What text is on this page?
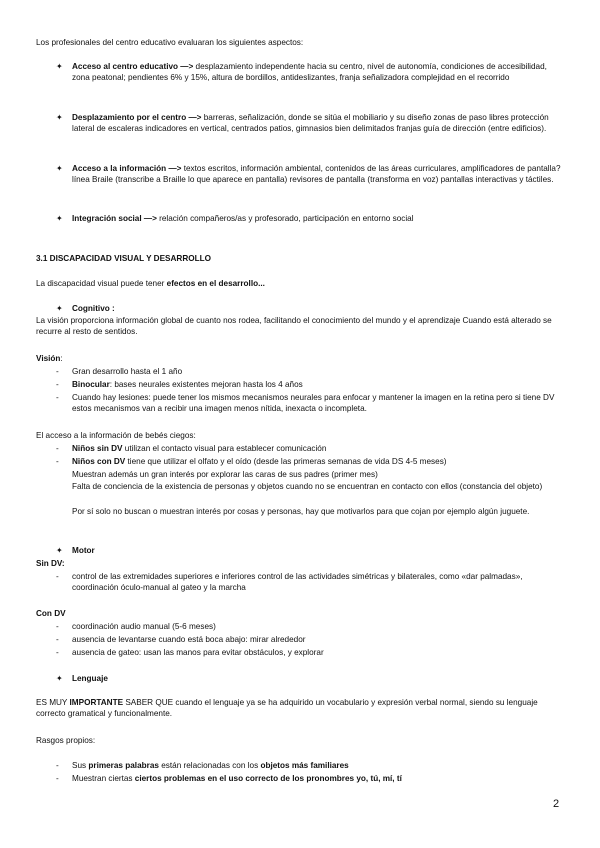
Los profesionales del centro educativo evaluaran los siguientes aspectos:
✦	Acceso al centro educativo —> desplazamiento independente hacia su centro, nivel de autonomía, condiciones de accesibilidad, zona peatonal; pendientes 6% y 15%, altura de bordillos, antideslizantes, franja señalizadora complejidad en el recorrido
✦	Desplazamiento por el centro —> barreras, señalización, donde se sitúa el mobiliario y su diseño zonas de paso libres protección lateral de escaleras indicadores en vertical, centrados patios, gimnasios bien delimitados franjas guía de dirección (entre edificios).
✦	Acceso a la información —> textos escritos, información ambiental, contenidos de las áreas curriculares, amplificadores de pantalla? línea Braile (transcribe a Braille lo que aparece en pantalla) revisores de pantalla (transforma en voz) pantallas interactivas y táctiles.
✦	Integración social —> relación compañeros/as y profesorado, participación en entorno social
3.1 DISCAPACIDAD VISUAL Y DESARROLLO
La discapacidad visual puede tener efectos en el desarrollo...
✦	Cognitivo :
La visión proporciona información global de cuanto nos rodea, facilitando el conocimiento del mundo y el aprendizaje Cuando está alterado se recurre al resto de sentidos.
Visión:
-	Gran desarrollo hasta el 1 año
-	Binocular: bases neurales existentes mejoran hasta los 4 años
-	Cuando hay lesiones: puede tener los mismos mecanismos neurales para enfocar y mantener la imagen en la retina pero si tiene DV estos mecanismos van a recibir una imagen menos nítida, inexacta o incompleta.
El acceso a la información de bebés ciegos:
-	Niños sin DV utilizan el contacto visual para establecer comunicación
-	Niños con DV tiene que utilizar el olfato y el oído (desde las primeras semanas de vida DS 4-5 meses)
Muestran además un gran interés por explorar las caras de sus padres (primer mes)
Falta de conciencia de la existencia de personas y objetos cuando no se encuentran en contacto con ellos (constancia del objeto)
Por sí solo no buscan o muestran interés por cosas y personas, hay que motivarlos para que cojan por ejemplo algún juguete.
✦	Motor
Sin DV:
-	control de las extremidades superiores e inferiores control de las actividades simétricas y bilaterales, como «dar palmadas», coordinación óculo-manual al gateo y la marcha
Con DV
-	coordinación audio manual (5-6 meses)
-	ausencia de levantarse cuando está boca abajo: mirar alrededor
-	ausencia de gateo: usan las manos para evitar obstáculos, y explorar
✦	Lenguaje
ES MUY IMPORTANTE SABER QUE cuando el lenguaje ya se ha adquirido un vocabulario y expresión verbal normal, siendo su lenguaje correcto gramatical y funcionalmente.
Rasgos propios:
-	Sus primeras palabras están relacionadas con los objetos más familiares
-	Muestran ciertas ciertos problemas en el uso correcto de los pronombres yo, tú, mí, tí
2
